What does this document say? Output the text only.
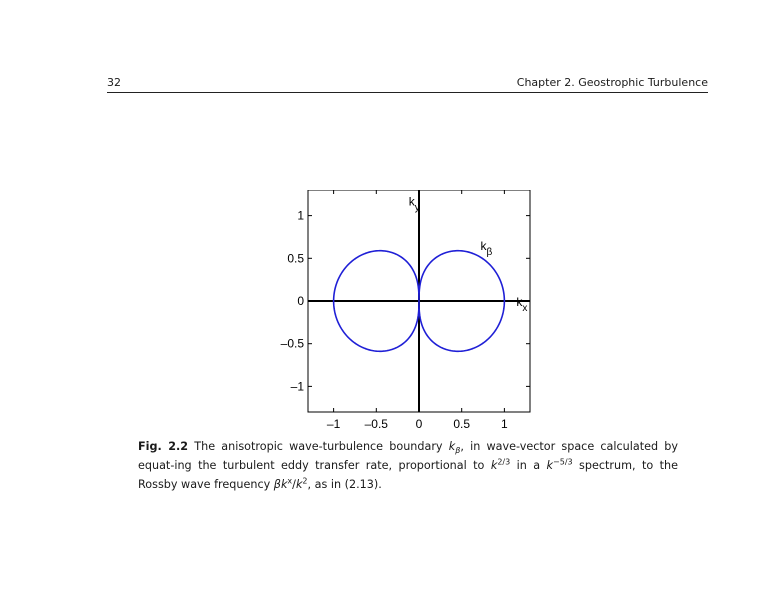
32	Chapter 2. Geostrophic Turbulence
–1 –0.5 0	0.5	1
–1
–0.5
0
0.5
1
$k_y$
$k_x$
$k_\beta$
Fig. 2.2 The anisotropic wave-turbulence boundary $k_\beta$, in wave-vector space calculated by equat-ing the turbulent eddy transfer rate, proportional to $k^{2/3}$ in a $k^{-5/3}$ spectrum, to the Rossby wave frequency $\beta k^x/k^2$, as in (2.13).
